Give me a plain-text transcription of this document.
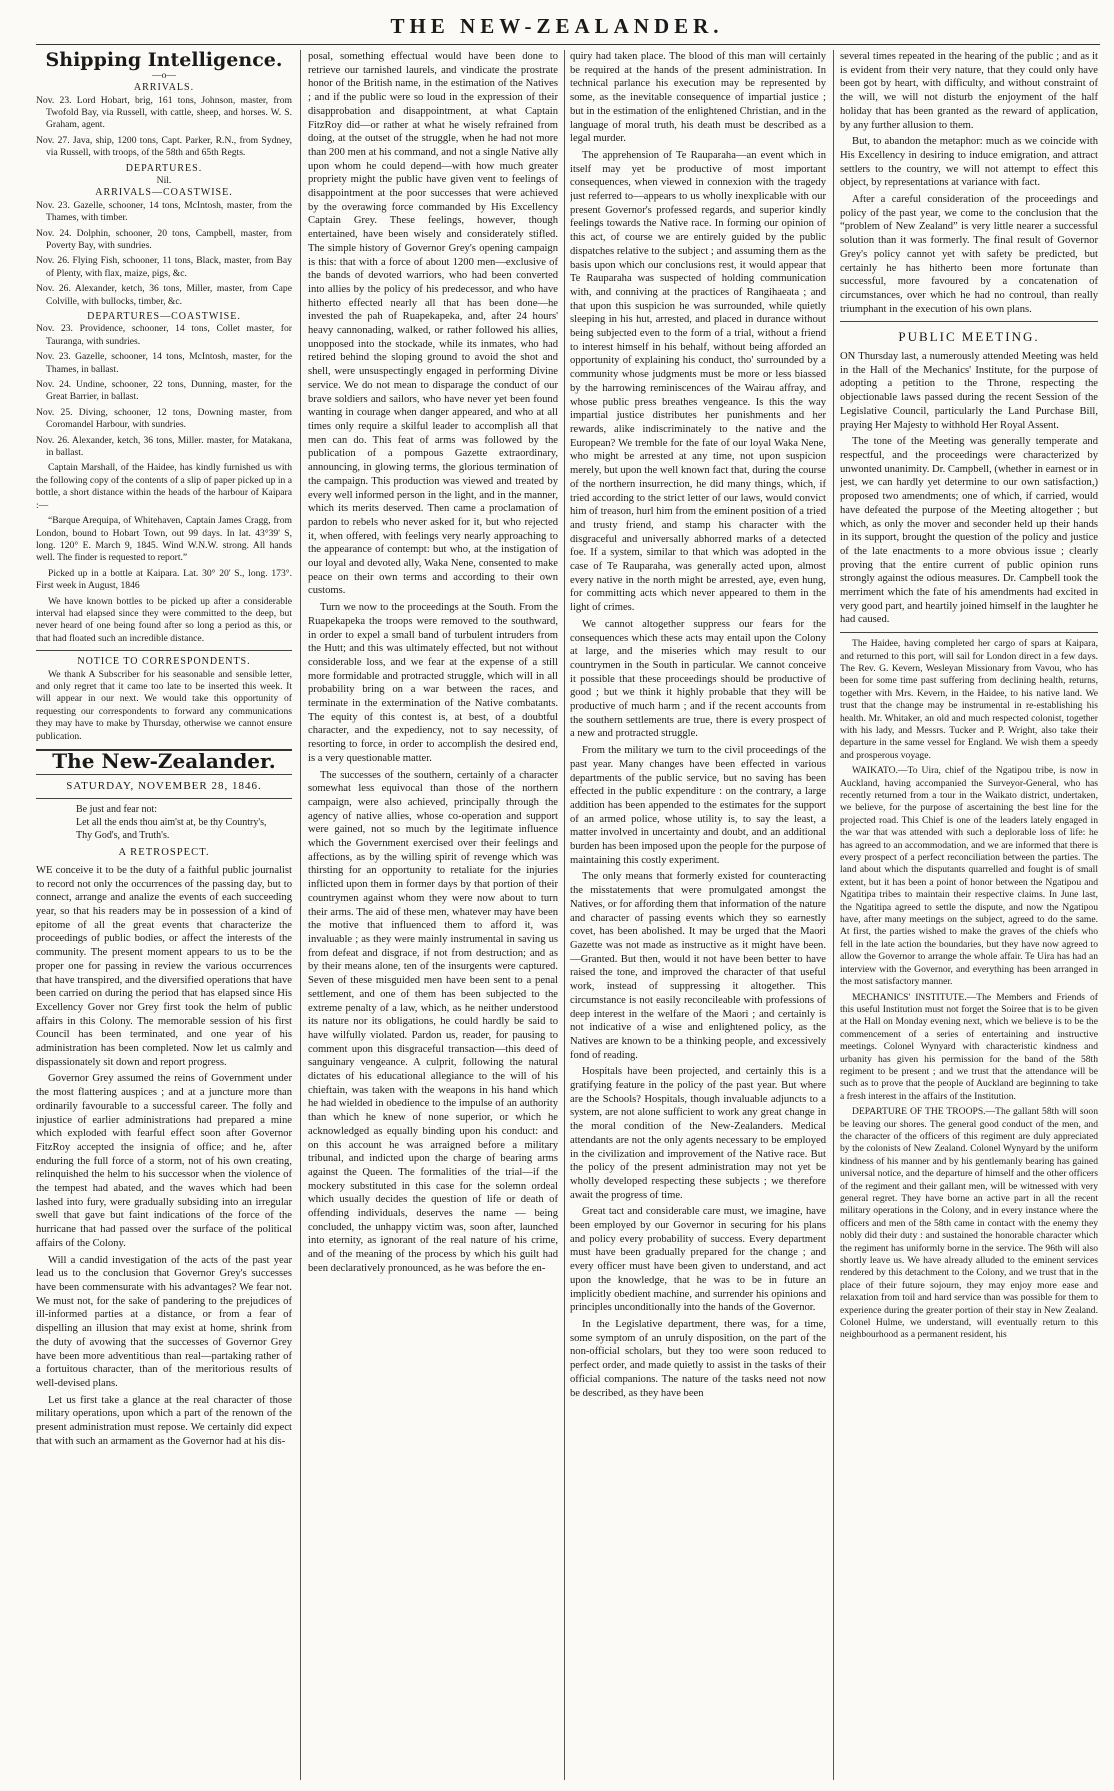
THE NEW-ZEALANDER.
Shipping Intelligence.
—o—
ARRIVALS.

Nov. 23. Lord Hobart, brig, 161 tons, Johnson, master, from Twofold Bay, via Russell, with cattle, sheep, and horses. W. S. Graham, agent.

Nov. 27. Java, ship, 1200 tons, Capt. Parker, R.N., from Sydney, via Russell, with troops, of the 58th and 65th Regts.

DEPARTURES.
Nil.
ARRIVALS—COASTWISE.

Nov. 23. Gazelle, schooner, 14 tons, McIntosh, master, from the Thames, with timber.

Nov. 24. Dolphin, schooner, 20 tons, Campbell, master, from Poverty Bay, with sundries.

Nov. 26. Flying Fish, schooner, 11 tons, Black, master, from Bay of Plenty, with flax, maize, pigs, &c.

Nov. 26. Alexander, ketch, 36 tons, Miller, master, from Cape Colville, with bullocks, timber, &c.

DEPARTURES—COASTWISE.

Nov. 23. Providence, schooner, 14 tons, Collet master, for Tauranga, with sundries.

Nov. 23. Gazelle, schooner, 14 tons, McIntosh, master, for the Thames, in ballast.

Nov. 24. Undine, schooner, 22 tons, Dunning, master, for the Great Barrier, in ballast.

Nov. 25. Diving, schooner, 12 tons, Downing master, from Coromandel Harbour, with sundries.

Nov. 26. Alexander, ketch, 36 tons, Miller. master, for Matakana, in ballast.

Captain Marshall, of the Haidee, has kindly furnished us with the following copy of the contents of a slip of paper picked up in a bottle, a short distance within the heads of the harbour of Kaipara :—

“Barque Arequipa, of Whitehaven, Captain James Cragg, from London, bound to Hobart Town, out 99 days. In lat. 43°39' S, long. 120° E. March 9, 1845. Wind W.N.W. strong. All hands well. The finder is requested to report.”

Picked up in a bottle at Kaipara. Lat. 30° 20' S., long. 173°. First week in August, 1846

We have known bottles to be picked up after a considerable interval had elapsed since they were committed to the deep, but never heard of one being found after so long a period as this, or that had floated such an incredible distance.

NOTICE TO CORRESPONDENTS.

We thank A Subscriber for his seasonable and sensible letter, and only regret that it came too late to be inserted this week. It will appear in our next. We would take this opportunity of requesting our correspondents to forward any communications they may have to make by Thursday, otherwise we cannot ensure publication.

The New-Zealander.
SATURDAY, NOVEMBER 28, 1846.
Be just and fear not:
Let all the ends thou aim'st at, be thy Country's,
Thy God's, and Truth's.
A RETROSPECT.

WE conceive it to be the duty of a faithful public journalist to record not only the occurrences of the passing day, but to connect, arrange and analize the events of each succeeding year, so that his readers may be in possession of a kind of epitome of all the great events that characterize the proceedings of public bodies, or affect the interests of the community. The present moment appears to us to be the proper one for passing in review the various occurrences that have transpired, and the diversified operations that have been carried on during the period that has elapsed since His Excellency Gover nor Grey first took the helm of public affairs in this Colony. The memorable session of his first Council has been terminated, and one year of his administration has been completed. Now let us calmly and dispassionately sit down and report progress.

Governor Grey assumed the reins of Government under the most flattering auspices ; and at a juncture more than ordinarily favourable to a successful career. The folly and injustice of earlier administrations had prepared a mine which exploded with fearful effect soon after Governor FitzRoy accepted the insignia of office; and he, after enduring the full force of a storm, not of his own creating, relinquished the helm to his successor when the violence of the tempest had abated, and the waves which had been lashed into fury, were gradually subsiding into an irregular swell that gave but faint indications of the force of the hurricane that had passed over the surface of the political affairs of the Colony.

Will a candid investigation of the acts of the past year lead us to the conclusion that Governor Grey's successes have been commensurate with his advantages? We fear not. We must not, for the sake of pandering to the prejudices of ill-informed parties at a distance, or from a fear of dispelling an illusion that may exist at home, shrink from the duty of avowing that the successes of Governor Grey have been more adventitious than real—partaking rather of a fortuitous character, than of the meritorious results of well-devised plans.

Let us first take a glance at the real character of those military operations, upon which a part of the renown of the present administration must repose. We certainly did expect that with such an armament as the Governor had at his dis-

posal, something effectual would have been done to retrieve our tarnished laurels, and vindicate the prostrate honor of the British name, in the estimation of the Natives ; and if the public were so loud in the expression of their disapprobation and disappointment, at what Captain FitzRoy did—or rather at what he wisely refrained from doing, at the outset of the struggle, when he had not more than 200 men at his command, and not a single Native ally upon whom he could depend—with how much greater propriety might the public have given vent to feelings of disappointment at the poor successes that were achieved by the overawing force commanded by His Excellency Captain Grey. These feelings, however, though entertained, have been wisely and considerately stifled. The simple history of Governor Grey's opening campaign is this: that with a force of about 1200 men—exclusive of the bands of devoted warriors, who had been converted into allies by the policy of his predecessor, and who have hitherto effected nearly all that has been done—he invested the pah of Ruapekapeka, and, after 24 hours' heavy cannonading, walked, or rather followed his allies, unopposed into the stockade, while its inmates, who had retired behind the sloping ground to avoid the shot and shell, were unsuspectingly engaged in performing Divine service. We do not mean to disparage the conduct of our brave soldiers and sailors, who have never yet been found wanting in courage when danger appeared, and who at all times only require a skilful leader to accomplish all that men can do. This feat of arms was followed by the publication of a pompous Gazette extraordinary, announcing, in glowing terms, the glorious termination of the campaign. This production was viewed and treated by every well informed person in the light, and in the manner, which its merits deserved. Then came a proclamation of pardon to rebels who never asked for it, but who rejected it, when offered, with feelings very nearly approaching to the appearance of contempt: but who, at the instigation of our loyal and devoted ally, Waka Nene, consented to make peace on their own terms and according to their own customs.

Turn we now to the proceedings at the South. From the Ruapekapeka the troops were removed to the southward, in order to expel a small band of turbulent intruders from the Hutt; and this was ultimately effected, but not without considerable loss, and we fear at the expense of a still more formidable and protracted struggle, which will in all probability bring on a war between the races, and terminate in the extermination of the Native combatants. The equity of this contest is, at best, of a doubtful character, and the expediency, not to say necessity, of resorting to force, in order to accomplish the desired end, is a very questionable matter.

The successes of the southern, certainly of a character somewhat less equivocal than those of the northern campaign, were also achieved, principally through the agency of native allies, whose co-operation and support were gained, not so much by the legitimate influence which the Government exercised over their feelings and affections, as by the willing spirit of revenge which was thirsting for an opportunity to retaliate for the injuries inflicted upon them in former days by that portion of their countrymen against whom they were now about to turn their arms. The aid of these men, whatever may have been the motive that influenced them to afford it, was invaluable ; as they were mainly instrumental in saving us from defeat and disgrace, if not from destruction; and as by their means alone, ten of the insurgents were captured. Seven of these misguided men have been sent to a penal settlement, and one of them has been subjected to the extreme penalty of a law, which, as he neither understood its nature nor its obligations, he could hardly be said to have wilfully violated. Pardon us, reader, for pausing to comment upon this disgraceful transaction—this deed of sanguinary vengeance. A culprit, following the natural dictates of his educational allegiance to the will of his chieftain, was taken with the weapons in his hand which he had wielded in obedience to the impulse of an authority than which he knew of none superior, or which he acknowledged as equally binding upon his conduct: and on this account he was arraigned before a military tribunal, and indicted upon the charge of bearing arms against the Queen. The formalities of the trial—if the mockery substituted in this case for the solemn ordeal which usually decides the question of life or death of offending individuals, deserves the name — being concluded, the unhappy victim was, soon after, launched into eternity, as ignorant of the real nature of his crime, and of the meaning of the process by which his guilt had been declaratively pronounced, as he was before the en-

quiry had taken place. The blood of this man will certainly be required at the hands of the present administration. In technical parlance his execution may be represented by some, as the inevitable consequence of impartial justice ; but in the estimation of the enlightened Christian, and in the language of moral truth, his death must be described as a legal murder.

The apprehension of Te Rauparaha—an event which in itself may yet be productive of most important consequences, when viewed in connexion with the tragedy just referred to—appears to us wholly inexplicable with our present Governor's professed regards, and superior kindly feelings towards the Native race. In forming our opinion of this act, of course we are entirely guided by the public dispatches relative to the subject ; and assuming them as the basis upon which our conclusions rest, it would appear that Te Rauparaha was suspected of holding communication with, and conniving at the practices of Rangihaeata ; and that upon this suspicion he was surrounded, while quietly sleeping in his hut, arrested, and placed in durance without being subjected even to the form of a trial, without a friend to interest himself in his behalf, without being afforded an opportunity of explaining his conduct, tho' surrounded by a community whose judgments must be more or less biassed by the harrowing reminiscences of the Wairau affray, and whose public press breathes vengeance. Is this the way impartial justice distributes her punishments and her rewards, alike indiscriminately to the native and the European? We tremble for the fate of our loyal Waka Nene, who might be arrested at any time, not upon suspicion merely, but upon the well known fact that, during the course of the northern insurrection, he did many things, which, if tried according to the strict letter of our laws, would convict him of treason, hurl him from the eminent position of a tried and trusty friend, and stamp his character with the disgraceful and universally abhorred marks of a detected foe. If a system, similar to that which was adopted in the case of Te Rauparaha, was generally acted upon, almost every native in the north might be arrested, aye, even hung, for committing acts which never appeared to them in the light of crimes.

We cannot altogether suppress our fears for the consequences which these acts may entail upon the Colony at large, and the miseries which may result to our countrymen in the South in particular. We cannot conceive it possible that these proceedings should be productive of good ; but we think it highly probable that they will be productive of much harm ; and if the recent accounts from the southern settlements are true, there is every prospect of a new and protracted struggle.

From the military we turn to the civil proceedings of the past year. Many changes have been effected in various departments of the public service, but no saving has been effected in the public expenditure : on the contrary, a large addition has been appended to the estimates for the support of an armed police, whose utility is, to say the least, a matter involved in uncertainty and doubt, and an additional burden has been imposed upon the people for the purpose of maintaining this costly experiment.

The only means that formerly existed for counteracting the misstatements that were promulgated amongst the Natives, or for affording them that information of the nature and character of passing events which they so earnestly covet, has been abolished. It may be urged that the Maori Gazette was not made as instructive as it might have been.—Granted. But then, would it not have been better to have raised the tone, and improved the character of that useful work, instead of suppressing it altogether. This circumstance is not easily reconcileable with professions of deep interest in the welfare of the Maori ; and certainly is not indicative of a wise and enlightened policy, as the Natives are known to be a thinking people, and excessively fond of reading.

Hospitals have been projected, and certainly this is a gratifying feature in the policy of the past year. But where are the Schools? Hospitals, though invaluable adjuncts to a system, are not alone sufficient to work any great change in the moral condition of the New-Zealanders. Medical attendants are not the only agents necessary to be employed in the civilization and improvement of the Native race. But the policy of the present administration may not yet be wholly developed respecting these subjects ; we therefore await the progress of time.

Great tact and considerable care must, we imagine, have been employed by our Governor in securing for his plans and policy every probability of success. Every department must have been gradually prepared for the change ; and every officer must have been given to understand, and act upon the knowledge, that he was to be in future an implicitly obedient machine, and surrender his opinions and principles unconditionally into the hands of the Governor.

In the Legislative department, there was, for a time, some symptom of an unruly disposition, on the part of the non-official scholars, but they too were soon reduced to perfect order, and made quietly to assist in the tasks of their official companions. The nature of the tasks need not now be described, as they have been

several times repeated in the hearing of the public ; and as it is evident from their very nature, that they could only have been got by heart, with difficulty, and without constraint of the will, we will not disturb the enjoyment of the half holiday that has been granted as the reward of application, by any further allusion to them.

But, to abandon the metaphor: much as we coincide with His Excellency in desiring to induce emigration, and attract settlers to the country, we will not attempt to effect this object, by representations at variance with fact.

After a careful consideration of the proceedings and policy of the past year, we come to the conclusion that the “problem of New Zealand” is very little nearer a successful solution than it was formerly. The final result of Governor Grey's policy cannot yet with safety be predicted, but certainly he has hitherto been more fortunate than successful, more favoured by a concatenation of circumstances, over which he had no controul, than really triumphant in the execution of his own plans.

PUBLIC MEETING.

ON Thursday last, a numerously attended Meeting was held in the Hall of the Mechanics' Institute, for the purpose of adopting a petition to the Throne, respecting the objectionable laws passed during the recent Session of the Legislative Council, particularly the Land Purchase Bill, praying Her Majesty to withhold Her Royal Assent.

The tone of the Meeting was generally temperate and respectful, and the proceedings were characterized by unwonted unanimity. Dr. Campbell, (whether in earnest or in jest, we can hardly yet determine to our own satisfaction,) proposed two amendments; one of which, if carried, would have defeated the purpose of the Meeting altogether ; but which, as only the mover and seconder held up their hands in its support, brought the question of the policy and justice of the late enactments to a more obvious issue ; clearly proving that the entire current of public opinion runs strongly against the odious measures. Dr. Campbell took the merriment which the fate of his amendments had excited in very good part, and heartily joined himself in the laughter he had caused.

The Haidee, having completed her cargo of spars at Kaipara, and returned to this port, will sail for London direct in a few days. The Rev. G. Kevern, Wesleyan Missionary from Vavou, who has been for some time past suffering from declining health, returns, together with Mrs. Kevern, in the Haidee, to his native land. We trust that the change may be instrumental in re-establishing his health. Mr. Whitaker, an old and much respected colonist, together with his lady, and Messrs. Tucker and P. Wright, also take their departure in the same vessel for England. We wish them a speedy and prosperous voyage.

WAIKATO.—To Uira, chief of the Ngatipou tribe, is now in Auckland, having accompanied the Surveyor-General, who has recently returned from a tour in the Waikato district, undertaken, we believe, for the purpose of ascertaining the best line for the projected road. This Chief is one of the leaders lately engaged in the war that was attended with such a deplorable loss of life: he has agreed to an accommodation, and we are informed that there is every prospect of a perfect reconciliation between the parties. The land about which the disputants quarrelled and fought is of small extent, but it has been a point of honor between the Ngatipou and Ngatitipa tribes to maintain their respective claims. In June last, the Ngatitipa agreed to settle the dispute, and now the Ngatipou have, after many meetings on the subject, agreed to do the same. At first, the parties wished to make the graves of the chiefs who fell in the late action the boundaries, but they have now agreed to allow the Governor to arrange the whole affair. Te Uira has had an interview with the Governor, and everything has been arranged in the most satisfactory manner.

MECHANICS' INSTITUTE.—The Members and Friends of this useful Institution must not forget the Soiree that is to be given at the Hall on Monday evening next, which we believe is to be the commencement of a series of entertaining and instructive meetings. Colonel Wynyard with characteristic kindness and urbanity has given his permission for the band of the 58th regiment to be present ; and we trust that the attendance will be such as to prove that the people of Auckland are beginning to take a fresh interest in the affairs of the Institution.

DEPARTURE OF THE TROOPS.—The gallant 58th will soon be leaving our shores. The general good conduct of the men, and the character of the officers of this regiment are duly appreciated by the colonists of New Zealand. Colonel Wynyard by the uniform kindness of his manner and by his gentlemanly bearing has gained universal notice, and the departure of himself and the other officers of the regiment and their gallant men, will be witnessed with very general regret. They have borne an active part in all the recent military operations in the Colony, and in every instance where the officers and men of the 58th came in contact with the enemy they nobly did their duty : and sustained the honorable character which the regiment has uniformly borne in the service. The 96th will also shortly leave us. We have already alluded to the eminent services rendered by this detachment to the Colony, and we trust that in the place of their future sojourn, they may enjoy more ease and relaxation from toil and hard service than was possible for them to experience during the greater portion of their stay in New Zealand. Colonel Hulme, we understand, will eventually return to this neighbourhood as a permanent resident, his
